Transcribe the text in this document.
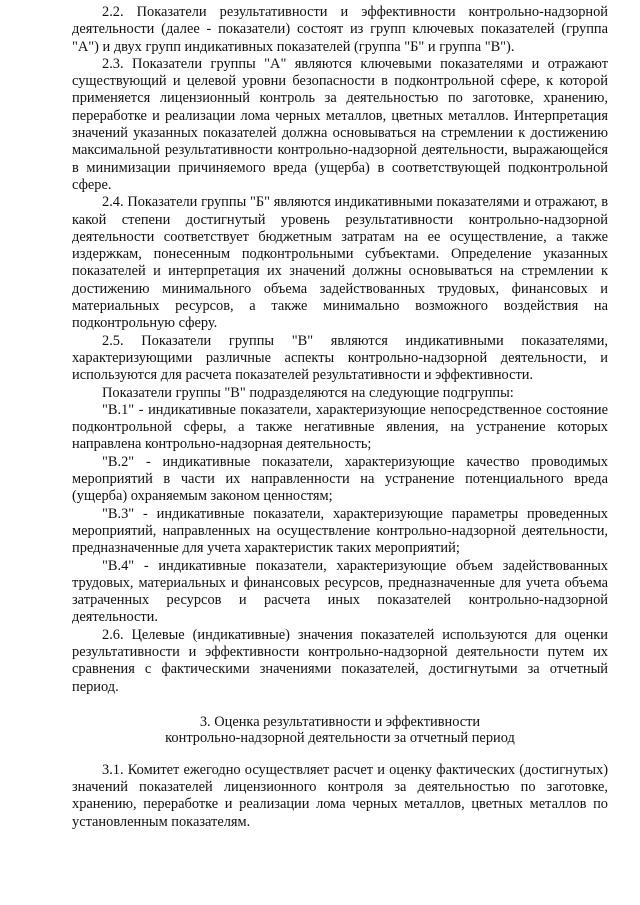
2.2. Показатели результативности и эффективности контрольно-надзорной деятельности (далее - показатели) состоят из групп ключевых показателей (группа "А") и двух групп индикативных показателей (группа "Б" и группа "В").

2.3. Показатели группы "А" являются ключевыми показателями и отражают существующий и целевой уровни безопасности в подконтрольной сфере, к которой применяется лицензионный контроль за деятельностью по заготовке, хранению, переработке и реализации лома черных металлов, цветных металлов. Интерпретация значений указанных показателей должна основываться на стремлении к достижению максимальной результативности контрольно-надзорной деятельности, выражающейся в минимизации причиняемого вреда (ущерба) в соответствующей подконтрольной сфере.

2.4. Показатели группы "Б" являются индикативными показателями и отражают, в какой степени достигнутый уровень результативности контрольно-надзорной деятельности соответствует бюджетным затратам на ее осуществление, а также издержкам, понесенным подконтрольными субъектами. Определение указанных показателей и интерпретация их значений должны основываться на стремлении к достижению минимального объема задействованных трудовых, финансовых и материальных ресурсов, а также минимально возможного воздействия на подконтрольную сферу.

2.5. Показатели группы "В" являются индикативными показателями, характеризующими различные аспекты контрольно-надзорной деятельности, и используются для расчета показателей результативности и эффективности.

Показатели группы "В" подразделяются на следующие подгруппы:

"В.1" - индикативные показатели, характеризующие непосредственное состояние подконтрольной сферы, а также негативные явления, на устранение которых направлена контрольно-надзорная деятельность;

"В.2" - индикативные показатели, характеризующие качество проводимых мероприятий в части их направленности на устранение потенциального вреда (ущерба) охраняемым законом ценностям;

"В.3" - индикативные показатели, характеризующие параметры проведенных мероприятий, направленных на осуществление контрольно-надзорной деятельности, предназначенные для учета характеристик таких мероприятий;

"В.4" - индикативные показатели, характеризующие объем задействованных трудовых, материальных и финансовых ресурсов, предназначенные для учета объема затраченных ресурсов и расчета иных показателей контрольно-надзорной деятельности.

2.6. Целевые (индикативные) значения показателей используются для оценки результативности и эффективности контрольно-надзорной деятельности путем их сравнения с фактическими значениями показателей, достигнутыми за отчетный период.

3. Оценка результативности и эффективности
контрольно-надзорной деятельности за отчетный период

3.1. Комитет ежегодно осуществляет расчет и оценку фактических (достигнутых) значений показателей лицензионного контроля за деятельностью по заготовке, хранению, переработке и реализации лома черных металлов, цветных металлов по установленным показателям.
